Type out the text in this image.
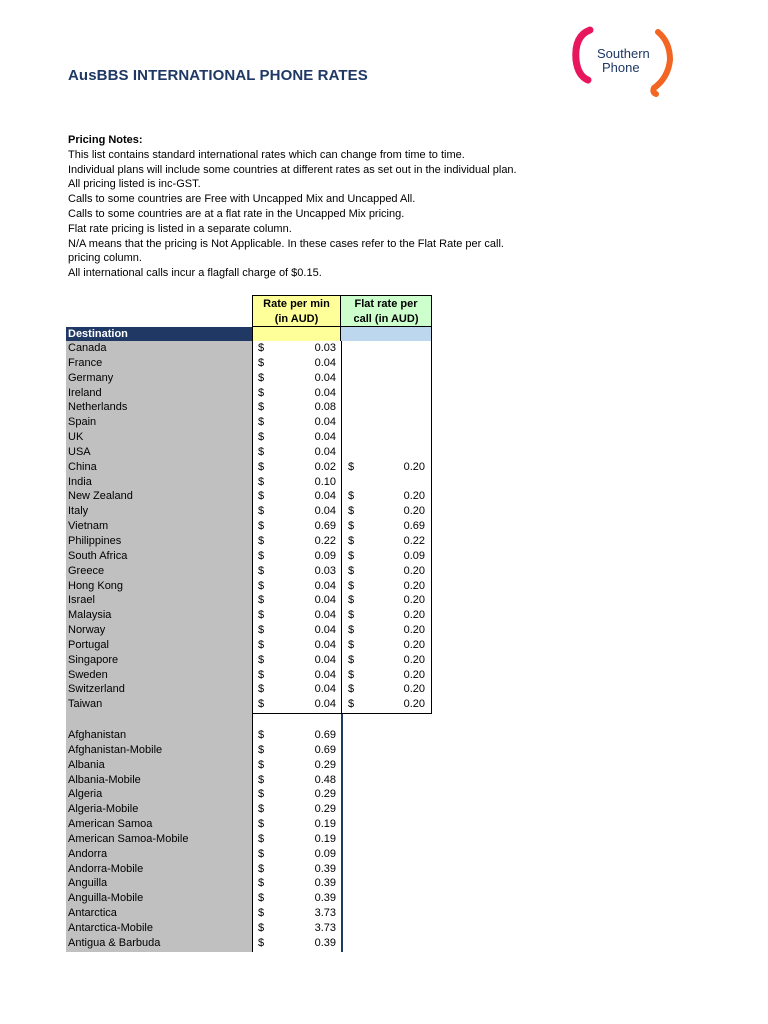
AusBBS INTERNATIONAL PHONE RATES
Southern
Phone
Pricing Notes:
This list contains standard international rates which can change from time to time.
Individual plans will include some countries at different rates as set out in the individual plan.
All pricing listed is inc-GST.
Calls to some countries are Free with Uncapped Mix and Uncapped All.
Calls to some countries are at a flat rate in the Uncapped Mix pricing.
Flat rate pricing is listed in a separate column.
N/A means that the pricing is Not Applicable. In these cases refer to the Flat Rate per call.
pricing column.
All international calls incur a flagfall charge of $0.15.
Rate per min
(in AUD)
Flat rate per
call (in AUD)
Destination
Canada	$	0.03
France	$	0.04
Germany	$	0.04
Ireland	$	0.04
Netherlands	$	0.08
Spain	$	0.04
UK	$	0.04
USA	$	0.04
China	$	0.02 $	0.20
India	$	0.10
New Zealand	$	0.04 $	0.20
Italy	$	0.04 $	0.20
Vietnam	$	0.69 $	0.69
Philippines	$	0.22 $	0.22
South Africa	$	0.09 $	0.09
Greece	$	0.03 $	0.20
Hong Kong	$	0.04 $	0.20
Israel	$	0.04 $	0.20
Malaysia	$	0.04 $	0.20
Norway	$	0.04 $	0.20
Portugal	$	0.04 $	0.20
Singapore	$	0.04 $	0.20
Sweden	$	0.04 $	0.20
Switzerland	$	0.04 $	0.20
Taiwan	$	0.04 $	0.20
Afghanistan	$	0.69
Afghanistan-Mobile	$	0.69
Albania	$	0.29
Albania-Mobile	$	0.48
Algeria	$	0.29
Algeria-Mobile	$	0.29
American Samoa	$	0.19
American Samoa-Mobile	$	0.19
Andorra	$	0.09
Andorra-Mobile	$	0.39
Anguilla	$	0.39
Anguilla-Mobile	$	0.39
Antarctica	$	3.73
Antarctica-Mobile	$	3.73
Antigua & Barbuda	$	0.39
